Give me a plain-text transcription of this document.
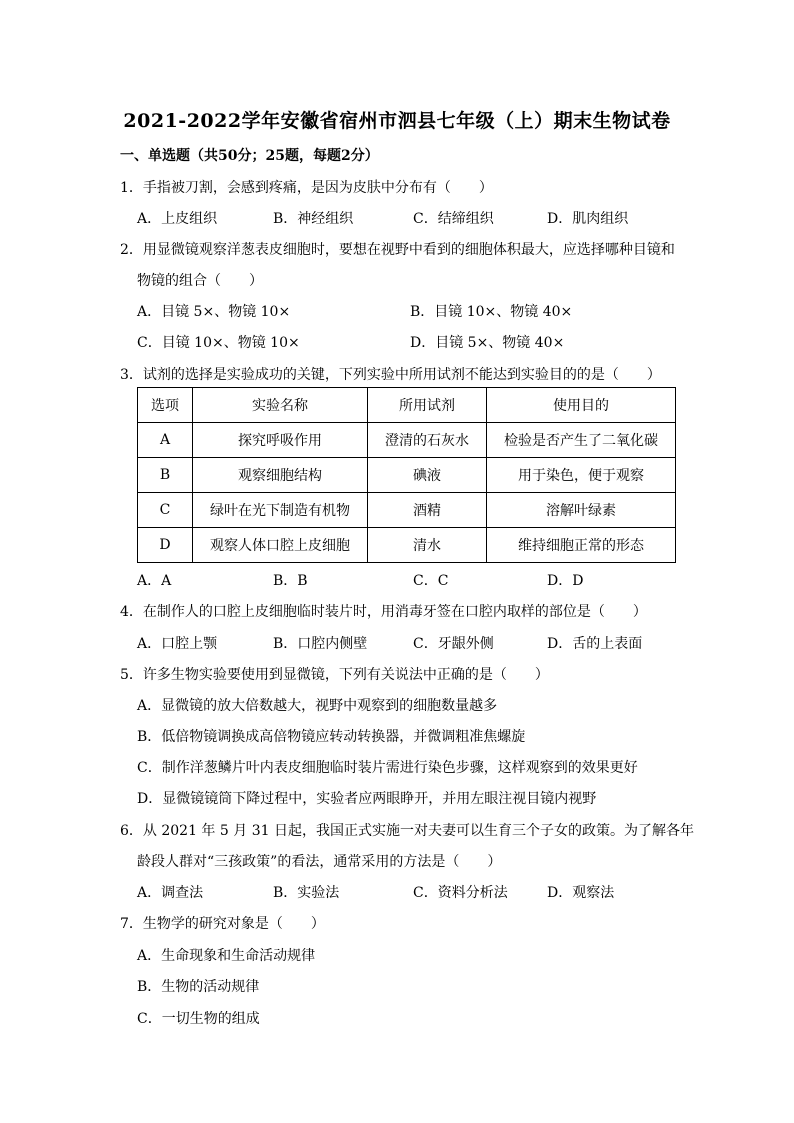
2021-2022学年安徽省宿州市泗县七年级（上）期末生物试卷
一、单选题（共50分；25题，每题2分）
1．手指被刀割，会感到疼痛，是因为皮肤中分布有（　　）
A．上皮组织	B．神经组织	C．结缔组织	D．肌肉组织
2．用显微镜观察洋葱表皮细胞时，要想在视野中看到的细胞体积最大，应选择哪种目镜和
物镜的组合（　　）
A．目镜 5×、物镜 10×	B．目镜 10×、物镜 40×
C．目镜 10×、物镜 10×	D．目镜 5×、物镜 40×
3．试剂的选择是实验成功的关键，下列实验中所用试剂不能达到实验目的的是（　　）
选项	实验名称	所用试剂	使用目的
A	探究呼吸作用	澄清的石灰水	检验是否产生了二氧化碳
B	观察细胞结构	碘液	用于染色，便于观察
C	绿叶在光下制造有机物	酒精	溶解叶绿素
D	观察人体口腔上皮细胞	清水	维持细胞正常的形态
A．A	B．B	C．C	D．D
4．在制作人的口腔上皮细胞临时装片时，用消毒牙签在口腔内取样的部位是（　　）
A．口腔上颚	B．口腔内侧壁	C．牙龈外侧	D．舌的上表面
5．许多生物实验要使用到显微镜，下列有关说法中正确的是（　　）
A．显微镜的放大倍数越大，视野中观察到的细胞数量越多
B．低倍物镜调换成高倍物镜应转动转换器，并微调粗准焦螺旋
C．制作洋葱鳞片叶内表皮细胞临时装片需进行染色步骤，这样观察到的效果更好
D．显微镜镜筒下降过程中，实验者应两眼睁开，并用左眼注视目镜内视野
6．从 2021 年 5 月 31 日起，我国正式实施一对夫妻可以生育三个子女的政策。为了解各年
龄段人群对“三孩政策”的看法，通常采用的方法是（　　）
A．调查法	B．实验法	C．资料分析法	D．观察法
7．生物学的研究对象是（　　）
A．生命现象和生命活动规律
B．生物的活动规律
C．一切生物的组成
